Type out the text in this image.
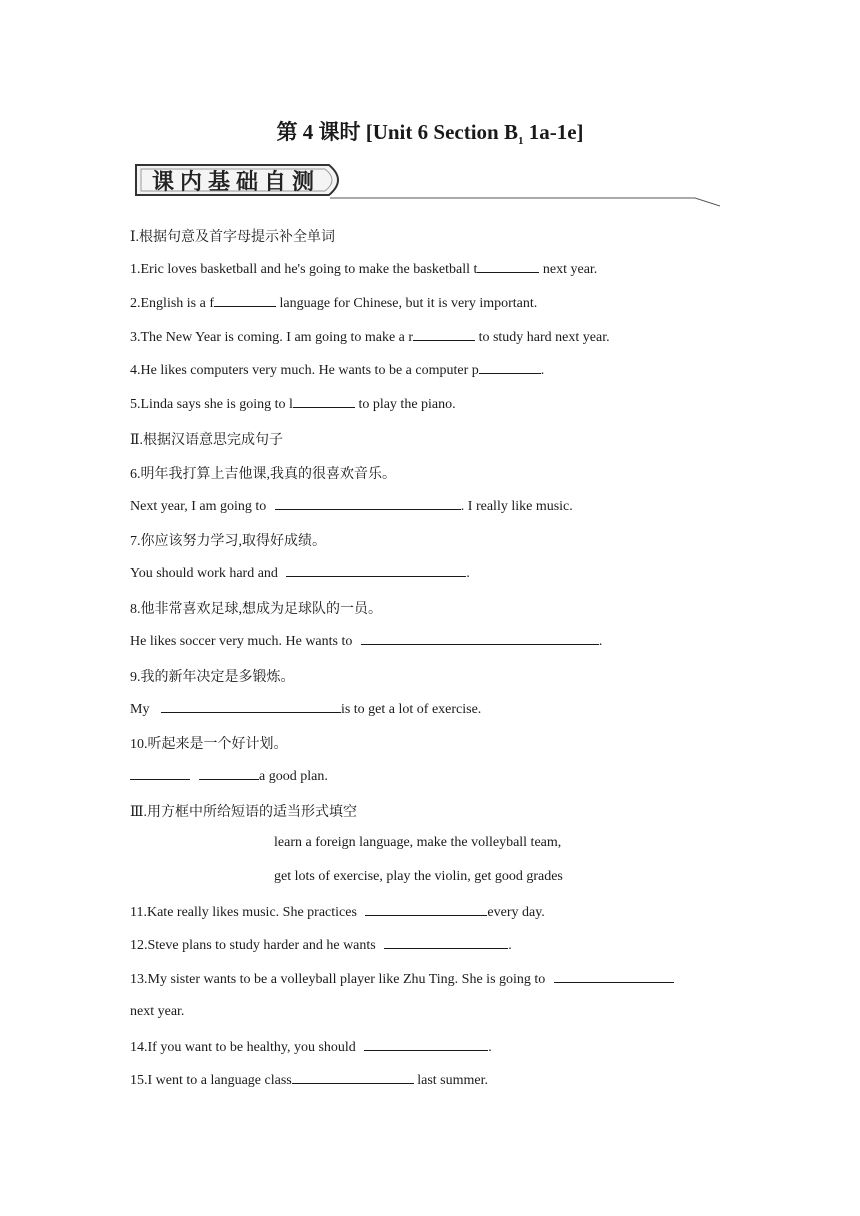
第 4 课时 [Unit 6 Section $B_1$ 1a-1e]
课内基础自测
Ⅰ.根据句意及首字母提示补全单词
1.Eric loves basketball and he's going to make the basketball t	next year.
2.English is a f	language for Chinese, but it is very important.
3.The New Year is coming. I am going to make a r	to study hard next year.
4.He likes computers very much. He wants to be a computer p	.
5.Linda says she is going to l	to play the piano.
Ⅱ.根据汉语意思完成句子
6.明年我打算上吉他课,我真的很喜欢音乐。
Next year, I am going to	. I really like music.
7.你应该努力学习,取得好成绩。
You should work hard and	.
8.他非常喜欢足球,想成为足球队的一员。
He likes soccer very much. He wants to	.
9.我的新年决定是多锻炼。
My	is to get a lot of exercise.
10.听起来是一个好计划。
a good plan.
Ⅲ.用方框中所给短语的适当形式填空
learn a foreign language, make the volleyball team,
get lots of exercise, play the violin, get good grades
11.Kate really likes music. She practices	every day.
12.Steve plans to study harder and he wants	.
13.My sister wants to be a volleyball player like Zhu Ting. She is going to
next year.
14.If you want to be healthy, you should	.
15.I went to a language class	last summer.
